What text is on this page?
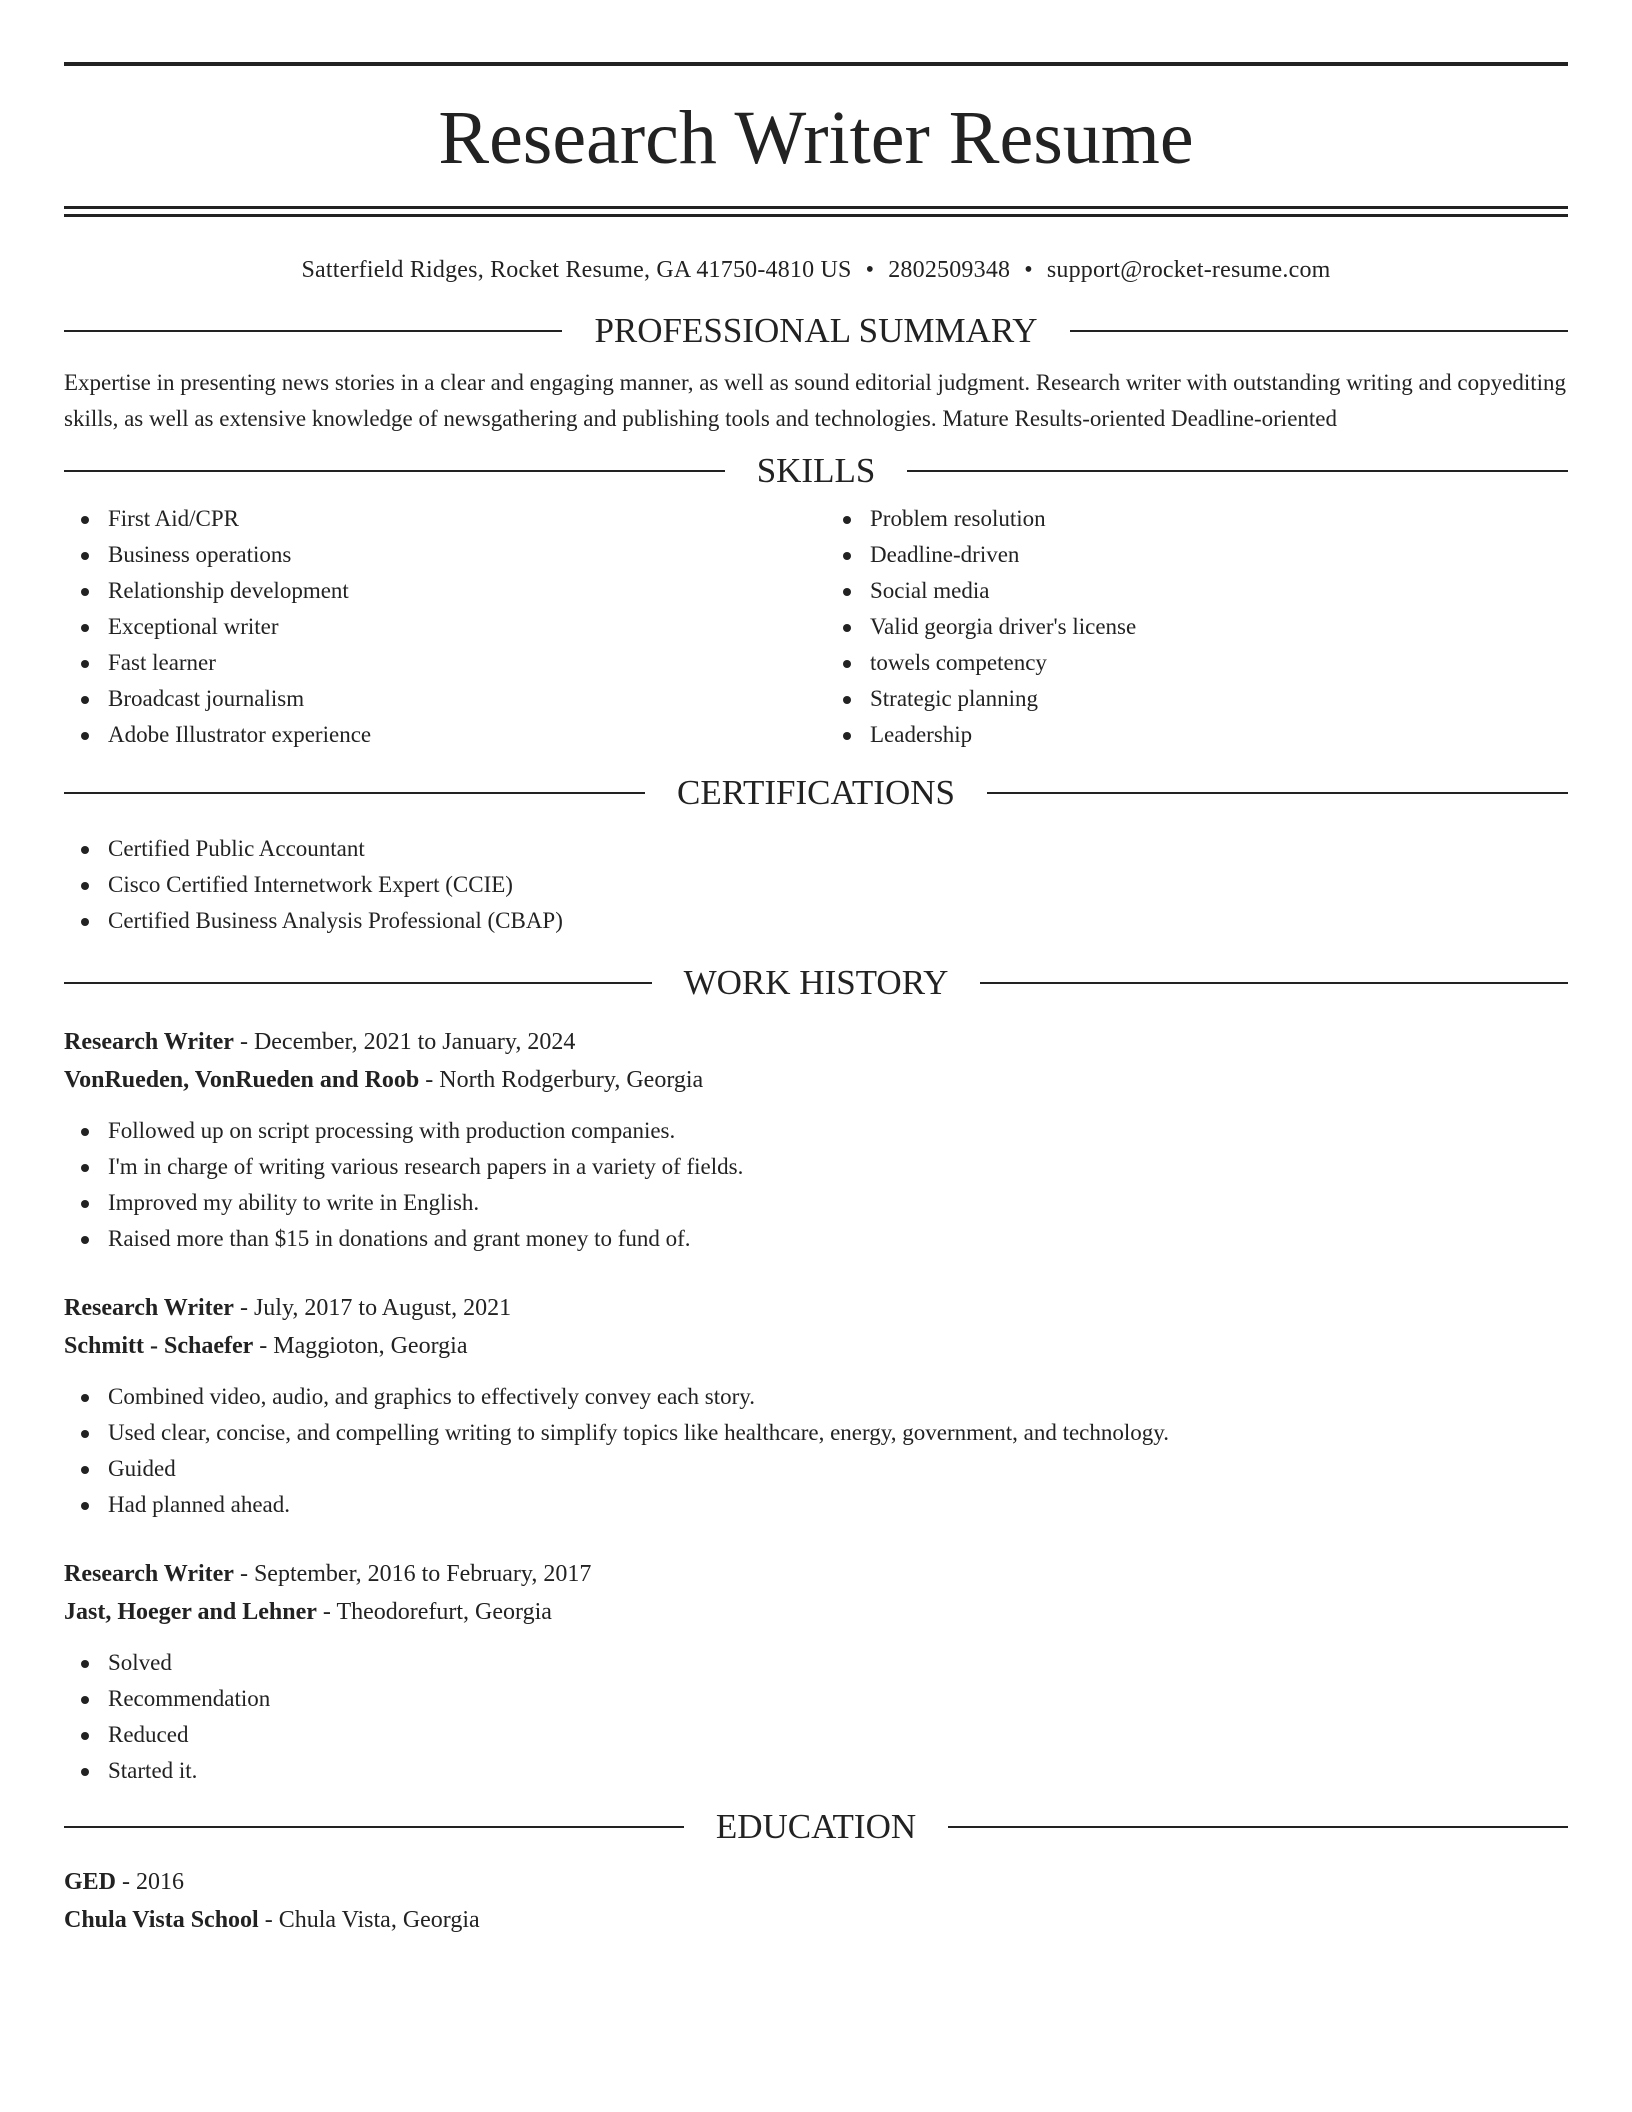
Research Writer Resume
Satterfield Ridges, Rocket Resume, GA 41750-4810 US • 2802509348 • support@rocket-resume.com
PROFESSIONAL SUMMARY

Expertise in presenting news stories in a clear and engaging manner, as well as sound editorial judgment. Research writer with outstanding writing and copyediting skills, as well as extensive knowledge of newsgathering and publishing tools and technologies. Mature Results-oriented Deadline-oriented

SKILLS
First Aid/CPR
Business operations
Relationship development
Exceptional writer
Fast learner
Broadcast journalism
Adobe Illustrator experience
Problem resolution
Deadline-driven
Social media
Valid georgia driver's license
towels competency
Strategic planning
Leadership
CERTIFICATIONS
Certified Public Accountant
Cisco Certified Internetwork Expert (CCIE)
Certified Business Analysis Professional (CBAP)
WORK HISTORY
Research Writer - December, 2021 to January, 2024
VonRueden, VonRueden and Roob - North Rodgerbury, Georgia
Followed up on script processing with production companies.
I'm in charge of writing various research papers in a variety of fields.
Improved my ability to write in English.
Raised more than $15 in donations and grant money to fund of.
Research Writer - July, 2017 to August, 2021
Schmitt - Schaefer - Maggioton, Georgia
Combined video, audio, and graphics to effectively convey each story.
Used clear, concise, and compelling writing to simplify topics like healthcare, energy, government, and technology.
Guided
Had planned ahead.
Research Writer - September, 2016 to February, 2017
Jast, Hoeger and Lehner - Theodorefurt, Georgia
Solved
Recommendation
Reduced
Started it.
EDUCATION
GED - 2016
Chula Vista School - Chula Vista, Georgia
